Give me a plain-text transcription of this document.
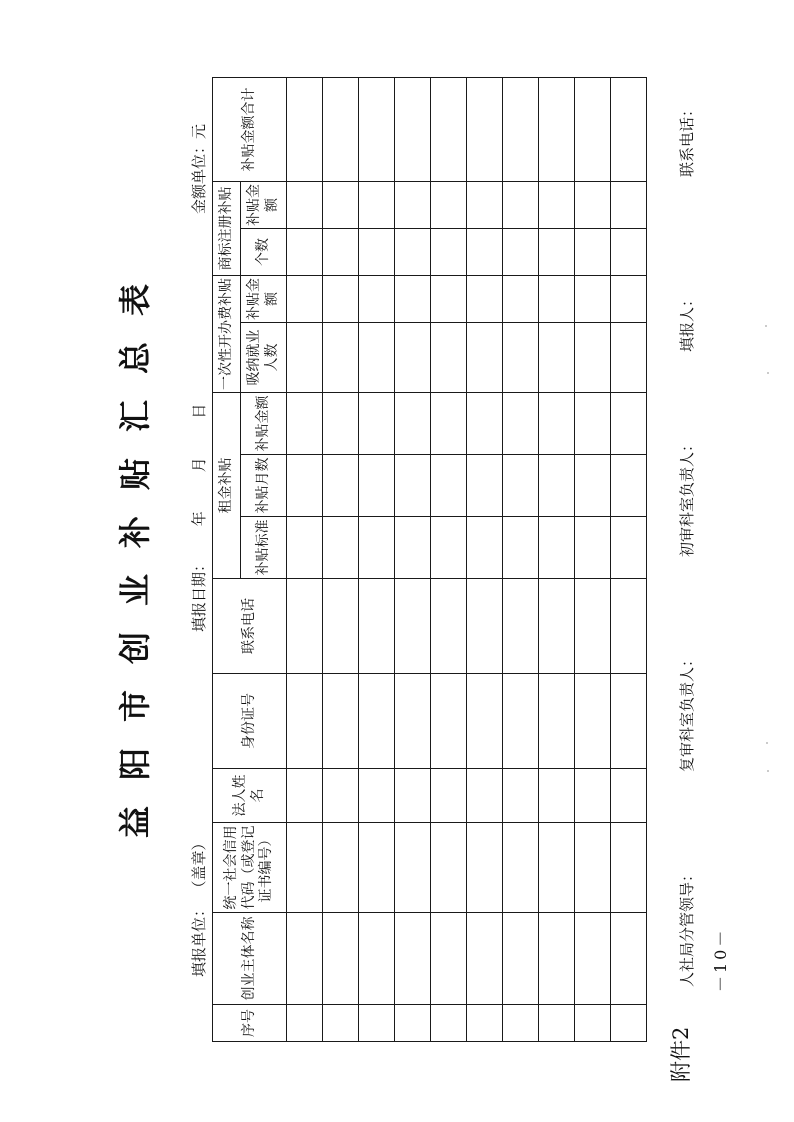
附件2
益阳市创业补贴汇总表
填报单位：（盖章）
填报日期： 年 月 日
金额单位：元
序号	创业主体名称	统一社会信用代码（或登记证书编号）	法人姓名	身份证号	联系电话	租金补贴			一次性开办费补贴		商标注册补贴		补贴金额合计
						补贴标准	补贴月数	补贴金额	吸纳就业人数	补贴金额	个数	补贴金额	

人社局分管领导：
复审科室负责人：
初审科室负责人：
填报人：
联系电话：
－10－
